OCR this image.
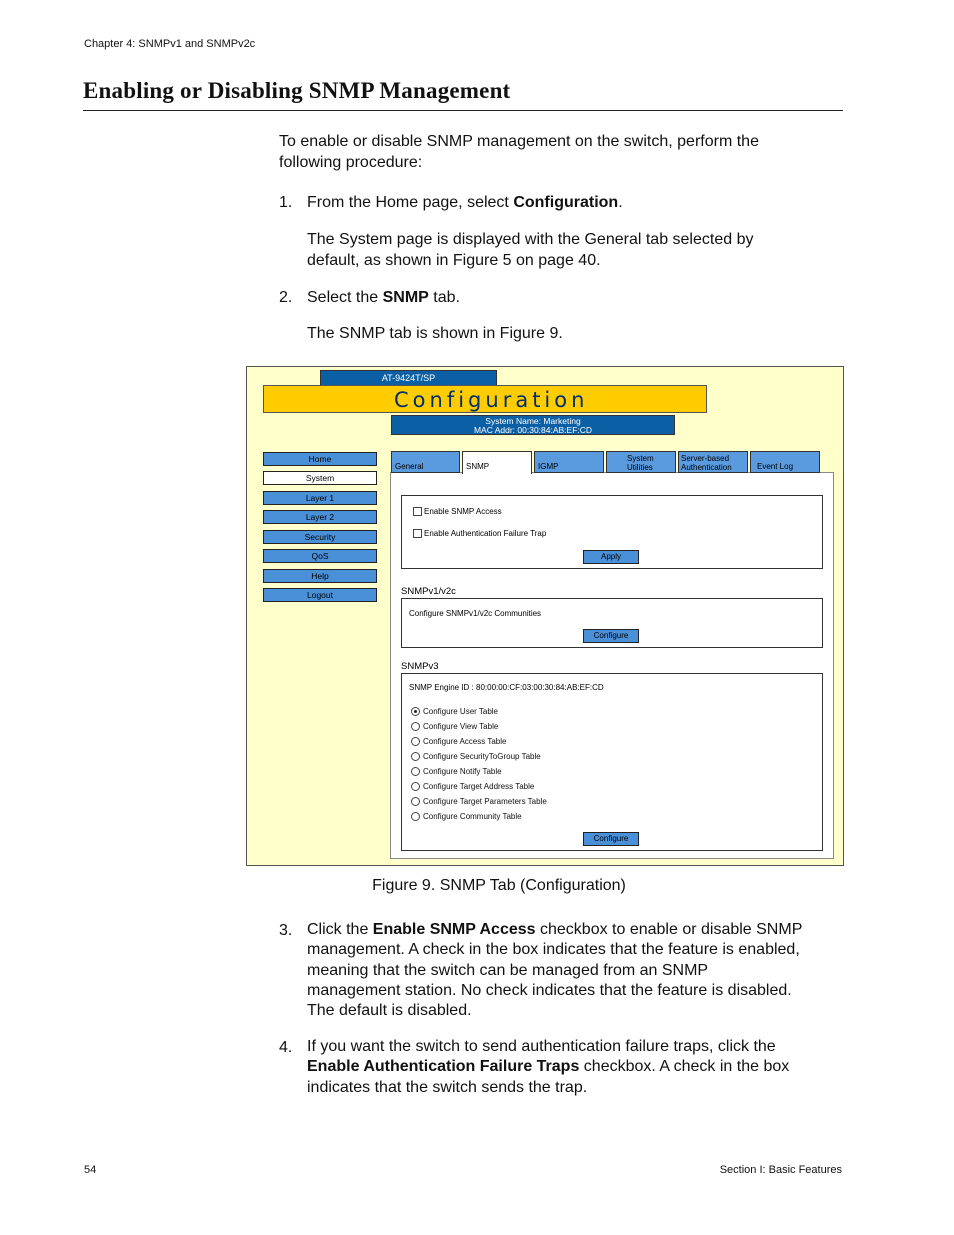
Chapter 4: SNMPv1 and SNMPv2c
Enabling or Disabling SNMP Management
To enable or disable SNMP management on the switch, perform the
following procedure:
1. From the Home page, select Configuration.
The System page is displayed with the General tab selected by
default, as shown in Figure 5 on page 40.
2. Select the SNMP tab.
The SNMP tab is shown in Figure 9.
AT-9424T/SP
Configuration
System Name: Marketing
MAC Addr: 00:30:84:AB:EF:CD
Home
System
Layer 1
Layer 2
Security
QoS
Help
Logout
General	SNMP	IGMP
System
Utilities
Server-based
Authentication	Event Log
Enable SNMP Access
Enable Authentication Failure Trap
Apply
SNMPv1/v2c
Configure SNMPv1/v2c Communities
Configure
SNMPv3
SNMP Engine ID : 80:00:00:CF:03:00:30:84:AB:EF:CD
Configure User Table
Configure View Table
Configure Access Table
Configure SecurityToGroup Table
Configure Notify Table
Configure Target Address Table
Configure Target Parameters Table
Configure Community Table
Configure
Figure 9. SNMP Tab (Configuration)
3. Click the Enable SNMP Access checkbox to enable or disable SNMP
management. A check in the box indicates that the feature is enabled,
meaning that the switch can be managed from an SNMP
management station. No check indicates that the feature is disabled.
The default is disabled.
4. If you want the switch to send authentication failure traps, click the
Enable Authentication Failure Traps checkbox. A check in the box
indicates that the switch sends the trap.
54	Section I: Basic Features
